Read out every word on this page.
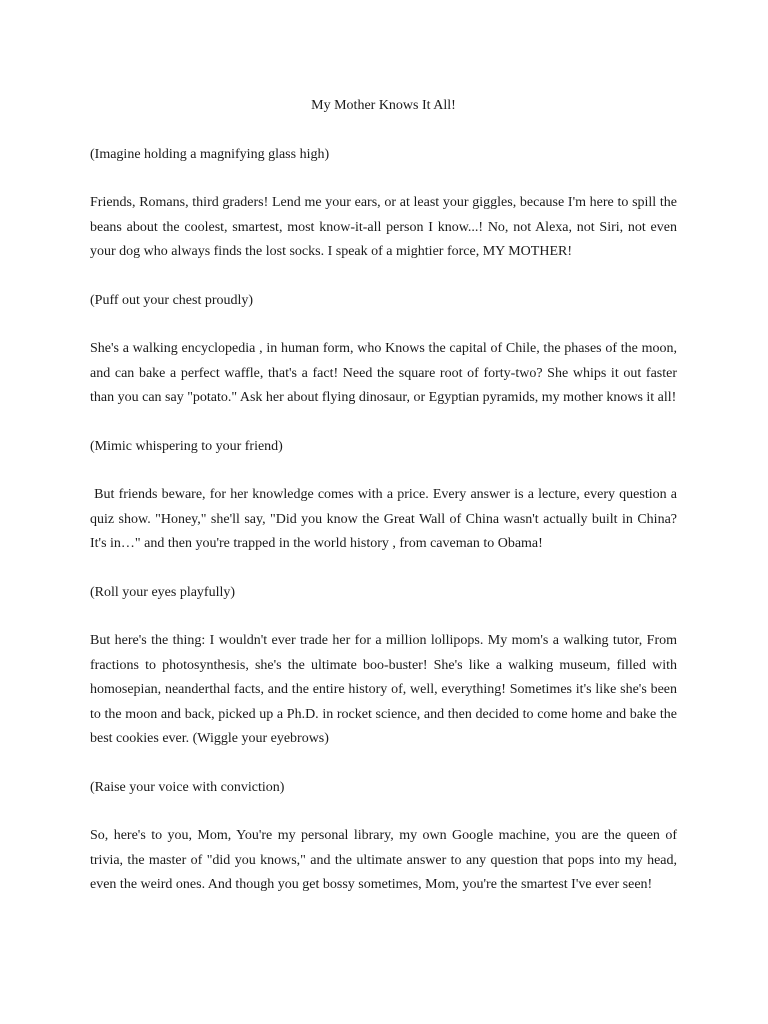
My Mother Knows It All!
(Imagine holding a magnifying glass high)
Friends, Romans, third graders! Lend me your ears, or at least your giggles, because I'm here to spill the beans about the coolest, smartest, most know-it-all person I know...! No, not Alexa, not Siri, not even your dog who always finds the lost socks. I speak of a mightier force, MY MOTHER!
(Puff out your chest proudly)
She's a walking encyclopedia , in human form, who Knows the capital of Chile, the phases of the moon, and can bake a perfect waffle, that's a fact! Need the square root of forty-two? She whips it out faster than you can say "potato." Ask her about flying dinosaur, or Egyptian pyramids, my mother knows it all!
(Mimic whispering to your friend)
But friends beware, for her knowledge comes with a price. Every answer is a lecture, every question a quiz show. "Honey," she'll say, "Did you know the Great Wall of China wasn't actually built in China? It's in…" and then you're trapped in the world history , from caveman to Obama!
(Roll your eyes playfully)
But here's the thing: I wouldn't ever trade her for a million lollipops. My mom's a walking tutor, From fractions to photosynthesis, she's the ultimate boo-buster! She's like a walking museum, filled with homosepian, neanderthal facts, and the entire history of, well, everything! Sometimes it's like she's been to the moon and back, picked up a Ph.D. in rocket science, and then decided to come home and bake the best cookies ever. (Wiggle your eyebrows)
(Raise your voice with conviction)
So, here's to you, Mom, You're my personal library, my own Google machine, you are the queen of trivia, the master of "did you knows," and the ultimate answer to any question that pops into my head, even the weird ones. And though you get bossy sometimes, Mom, you're the smartest I've ever seen!
